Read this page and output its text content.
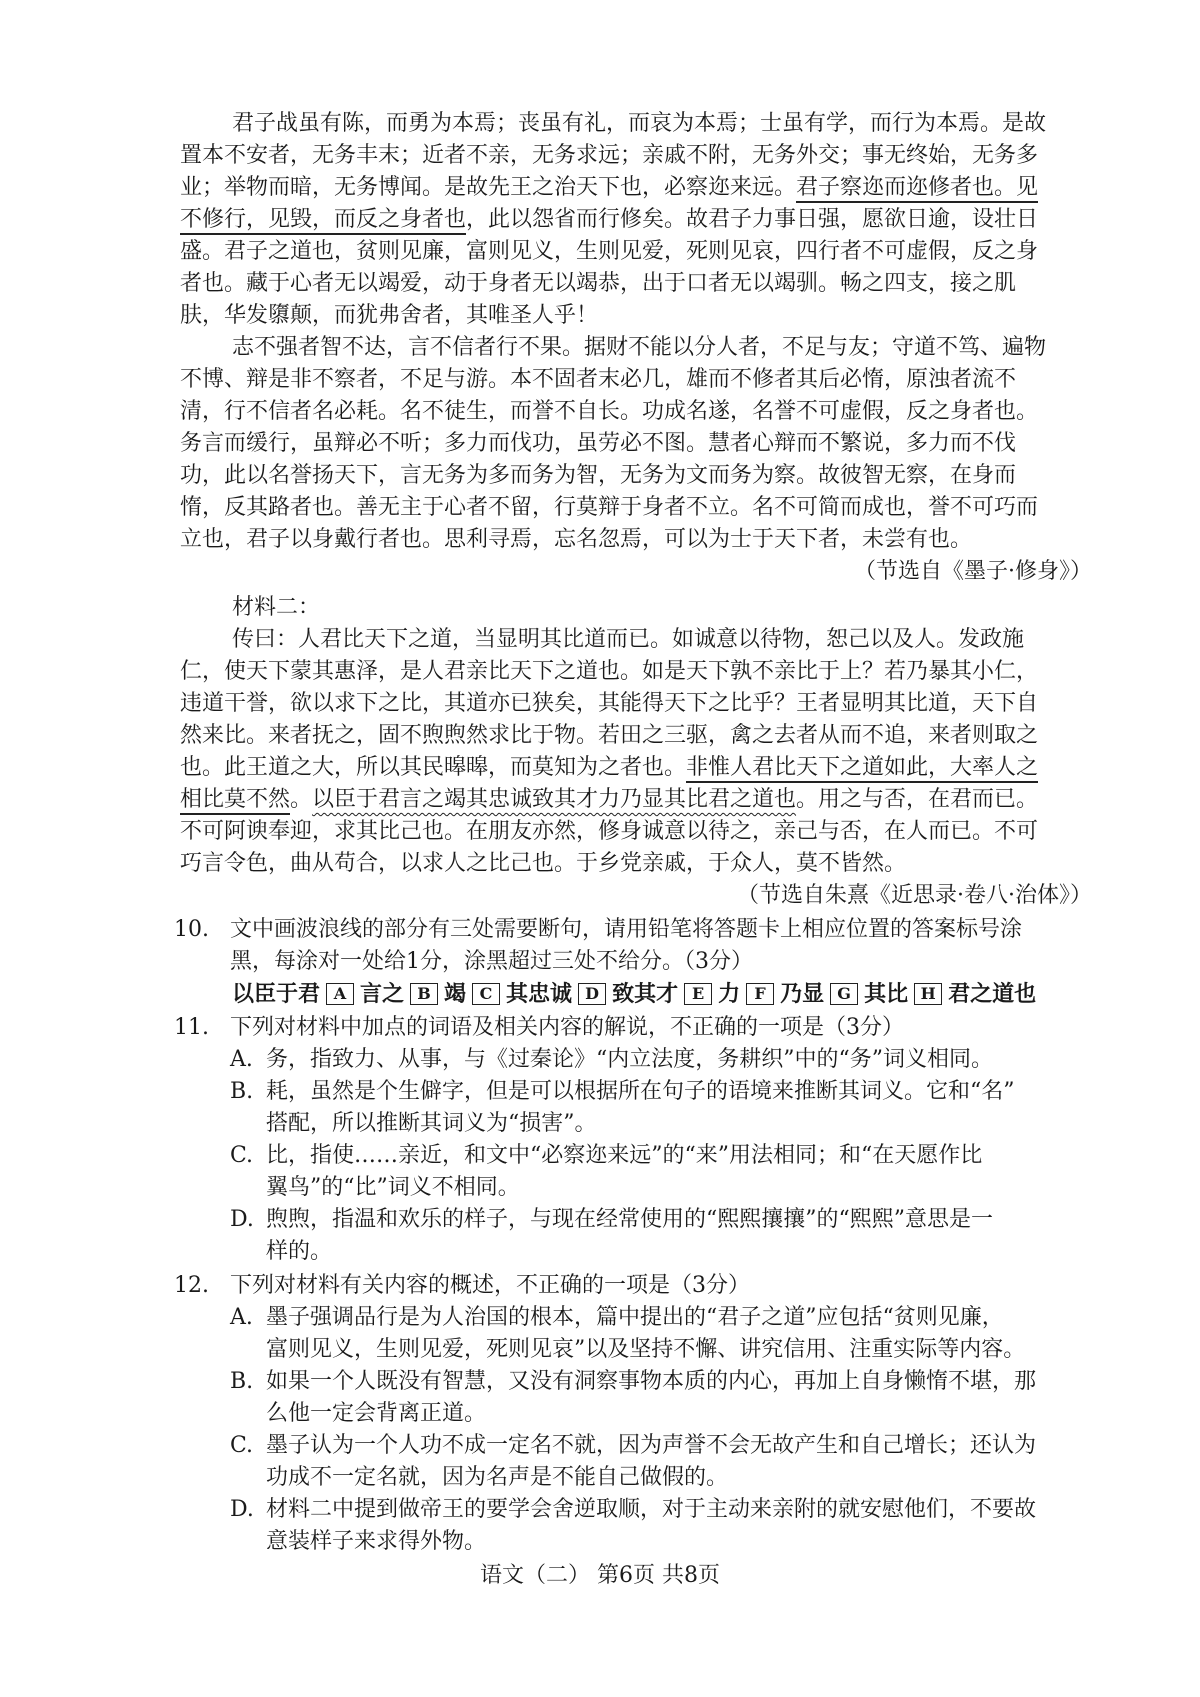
君子战虽有陈，而勇为本焉；丧虽有礼，而哀为本焉；士虽有学，而行为本焉。是故
置本不安者，无务丰末；近者不亲，无务求远；亲戚不附，无务外交；事无终始，无务多
业；举物而暗，无务博闻。是故先王之治天下也，必察迩来远。君子察迩而迩修者也。见
不修行，见毁，而反之身者也，此以怨省而行修矣。故君子力事日强，愿欲日逾，设壮日
盛。君子之道也，贫则见廉，富则见义，生则见爱，死则见哀，四行者不可虚假，反之身
者也。藏于心者无以竭爱，动于身者无以竭恭，出于口者无以竭驯。畅之四支，接之肌
肤，华发隳颠，而犹弗舍者，其唯圣人乎！
志不强者智不达，言不信者行不果。据财不能以分人者，不足与友；守道不笃、遍物
不博、辩是非不察者，不足与游。本不固者末必几，雄而不修者其后必惰，原浊者流不
清，行不信者名必耗。名不徒生，而誉不自长。功成名遂，名誉不可虚假，反之身者也。
务言而缓行，虽辩必不听；多力而伐功，虽劳必不图。慧者心辩而不繁说，多力而不伐
功，此以名誉扬天下，言无务为多而务为智，无务为文而务为察。故彼智无察，在身而
惰，反其路者也。善无主于心者不留，行莫辩于身者不立。名不可简而成也，誉不可巧而
立也，君子以身戴行者也。思利寻焉，忘名忽焉，可以为士于天下者，未尝有也。
（节选自《墨子·修身》）
材料二：
传曰：人君比天下之道，当显明其比道而已。如诚意以待物，恕己以及人。发政施
仁，使天下蒙其惠泽，是人君亲比天下之道也。如是天下孰不亲比于上？若乃暴其小仁，
违道干誉，欲以求下之比，其道亦已狭矣，其能得天下之比乎？王者显明其比道，天下自
然来比。来者抚之，固不煦煦然求比于物。若田之三驱，禽之去者从而不追，来者则取之
也。此王道之大，所以其民暤暤，而莫知为之者也。非惟人君比天下之道如此，大率人之
相比莫不然。以臣于君言之竭其忠诚致其才力乃显其比君之道也。用之与否，在君而已。
不可阿谀奉迎，求其比己也。在朋友亦然，修身诚意以待之，亲己与否，在人而已。不可
巧言令色，曲从苟合，以求人之比己也。于乡党亲戚，于众人，莫不皆然。
（节选自朱熹《近思录·卷八·治体》）
10. 文中画波浪线的部分有三处需要断句，请用铅笔将答题卡上相应位置的答案标号涂
黑，每涂对一处给1分，涂黑超过三处不给分。（3分）
以臣于君 A 言之 B 竭 C 其忠诚 D 致其才 E 力 F 乃显 G 其比 H 君之道也
11. 下列对材料中加点的词语及相关内容的解说，不正确的一项是（3分）
A. 务，指致力、从事，与《过秦论》“内立法度，务耕织”中的“务”词义相同。
B. 耗，虽然是个生僻字，但是可以根据所在句子的语境来推断其词义。它和“名”
搭配，所以推断其词义为“损害”。
C. 比，指使……亲近，和文中“必察迩来远”的“来”用法相同；和“在天愿作比
翼鸟”的“比”词义不相同。
D. 煦煦，指温和欢乐的样子，与现在经常使用的“熙熙攘攘”的“熙熙”意思是一
样的。
12. 下列对材料有关内容的概述，不正确的一项是（3分）
A. 墨子强调品行是为人治国的根本，篇中提出的“君子之道”应包括“贫则见廉，
富则见义，生则见爱，死则见哀”以及坚持不懈、讲究信用、注重实际等内容。
B. 如果一个人既没有智慧，又没有洞察事物本质的内心，再加上自身懒惰不堪，那
么他一定会背离正道。
C. 墨子认为一个人功不成一定名不就，因为声誉不会无故产生和自己增长；还认为
功成不一定名就，因为名声是不能自己做假的。
D. 材料二中提到做帝王的要学会舍逆取顺，对于主动来亲附的就安慰他们，不要故
意装样子来求得外物。
语文（二） 第6页 共8页
